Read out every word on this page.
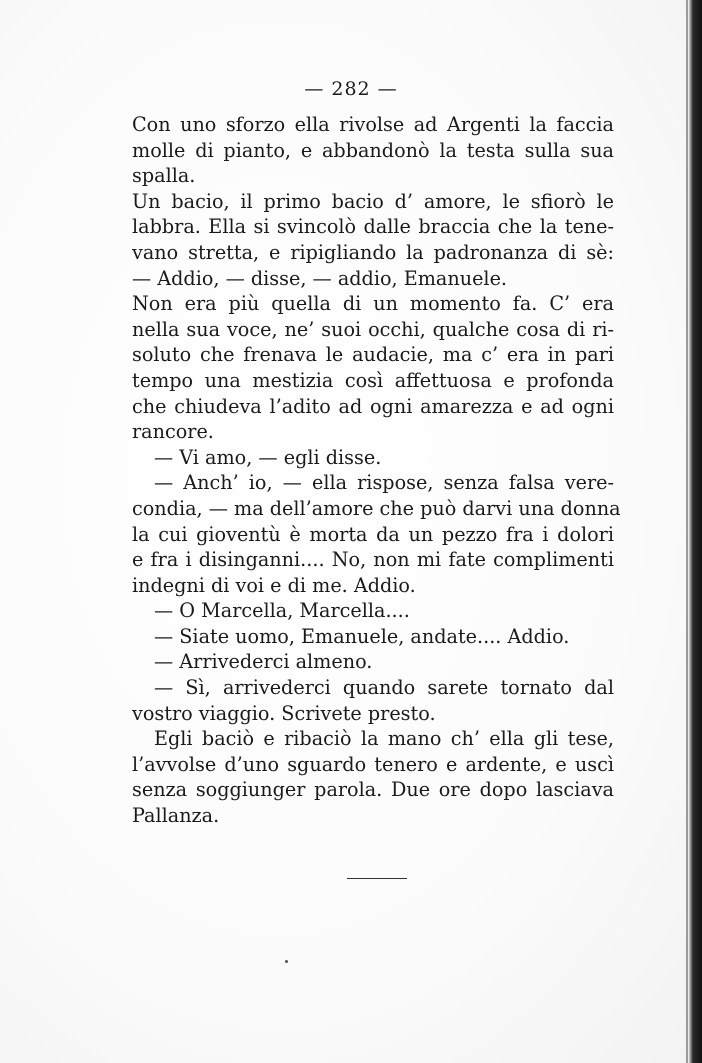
— 282 —
Con uno sforzo ella rivolse ad Argenti la faccia
molle di pianto, e abbandonò la testa sulla sua
spalla.
Un bacio, il primo bacio d’ amore, le sfiorò le
labbra. Ella si svincolò dalle braccia che la tene-
vano stretta, e ripigliando la padronanza di sè:
— Addio, — disse, — addio, Emanuele.
Non era più quella di un momento fa. C’ era
nella sua voce, ne’ suoi occhi, qualche cosa di ri-
soluto che frenava le audacie, ma c’ era in pari
tempo una mestizia così affettuosa e profonda
che chiudeva l’adito ad ogni amarezza e ad ogni
rancore.
— Vi amo, — egli disse.
— Anch’ io, — ella rispose, senza falsa vere-
condia, — ma dell’amore che può darvi una donna
la cui gioventù è morta da un pezzo fra i dolori
e fra i disinganni.... No, non mi fate complimenti
indegni di voi e di me. Addio.
— O Marcella, Marcella....
— Siate uomo, Emanuele, andate.... Addio.
— Arrivederci almeno.
— Sì, arrivederci quando sarete tornato dal
vostro viaggio. Scrivete presto.
Egli baciò e ribaciò la mano ch’ ella gli tese,
l’avvolse d’uno sguardo tenero e ardente, e uscì
senza soggiunger parola. Due ore dopo lasciava
Pallanza.
